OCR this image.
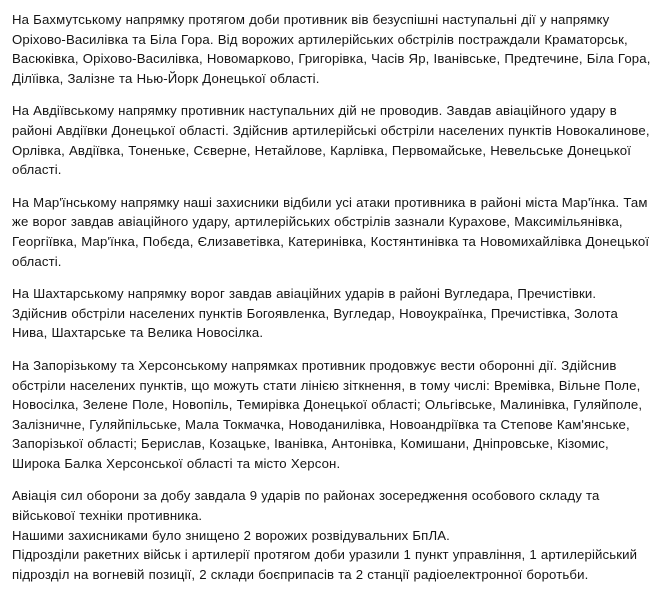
На Бахмутському напрямку протягом доби противник вів безуспішні наступальні дії у напрямку Оріхово-Василівка та Біла Гора. Від ворожих артилерійських обстрілів постраждали Краматорськ, Васюківка, Оріхово-Василівка, Новомарково, Григорівка, Часів Яр, Іванівське, Предтечине, Біла Гора, Ділїівка, Залізне та Нью-Йорк Донецької області.

На Авдіївському напрямку противник наступальних дій не проводив. Завдав авіаційного удару в районі Авдіївки Донецької області. Здійснив артилерійські обстріли населених пунктів Новокалинове, Орлівка, Авдіївка, Тоненьке, Сєверне, Нетайлове, Карлівка, Первомайське, Невельське Донецької області.

На Мар'їнському напрямку наші захисники відбили усі атаки противника в районі міста Мар'їнка. Там же ворог завдав авіаційного удару, артилерійських обстрілів зазнали Курахове, Максимільянівка, Георгіївка, Мар'їнка, Побєда, Єлизаветівка, Катеринівка, Костянтинівка та Новомихайлівка Донецької області.

На Шахтарському напрямку ворог завдав авіаційних ударів в районі Вугледара, Пречистівки. Здійснив обстріли населених пунктів Богоявленка, Вугледар, Новоукраїнка, Пречистівка, Золота Нива, Шахтарське та Велика Новосілка.

На Запорізькому та Херсонському напрямках противник продовжує вести оборонні дії. Здійснив обстріли населених пунктів, що можуть стати лінією зіткнення, в тому числі: Времівка, Вільне Поле, Новосілка, Зелене Поле, Новопіль, Темирівка Донецької області; Ольгівське, Малинівка, Гуляйполе, Залізничне, Гуляйпільське, Мала Токмачка, Новоданилівка, Новоандріївка та Степове Кам'янське, Запорізької області; Берислав, Козацьке, Іванівка, Антонівка, Комишани, Дніпровське, Кізомис, Широка Балка Херсонської області та місто Херсон.

Авіація сил оборони за добу завдала 9 ударів по районах зосередження особового складу та військової техніки противника.

Нашими захисниками було знищено 2 ворожих розвідувальних БпЛА.

Підрозділи ракетних військ і артилерії протягом доби уразили 1 пункт управління, 1 артилерійський підрозділ на вогневій позиції, 2 склади боєприпасів та 2 станції радіоелектронної боротьби.
